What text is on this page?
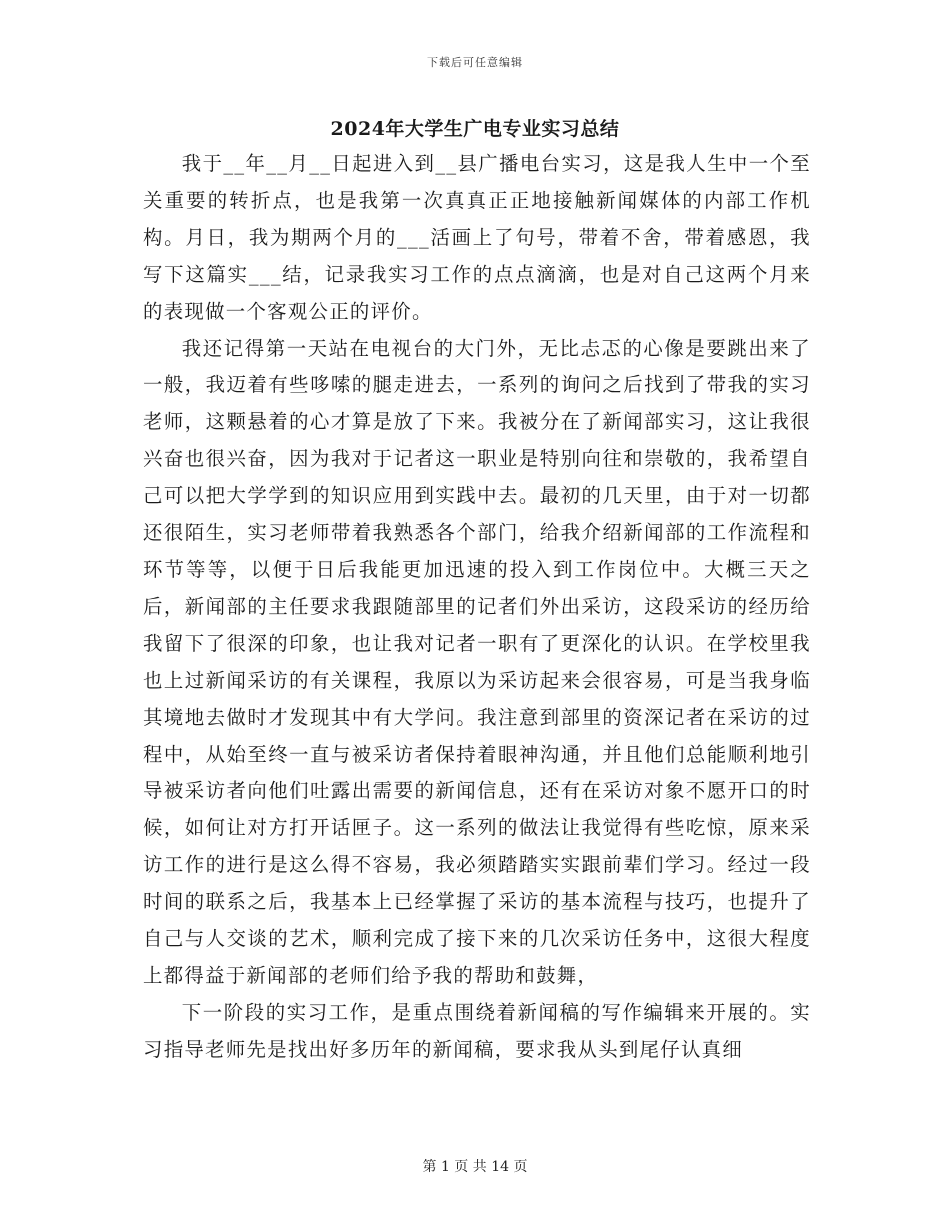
下载后可任意编辑
2024年大学生广电专业实习总结

我于__年__月__日起进入到__县广播电台实习，这是我人生中一个至关重要的转折点，也是我第一次真真正正地接触新闻媒体的内部工作机构。月日，我为期两个月的___活画上了句号，带着不舍，带着感恩，我写下这篇实___结，记录我实习工作的点点滴滴，也是对自己这两个月来的表现做一个客观公正的评价。

我还记得第一天站在电视台的大门外，无比忐忑的心像是要跳出来了一般，我迈着有些哆嗦的腿走进去，一系列的询问之后找到了带我的实习老师，这颗悬着的心才算是放了下来。我被分在了新闻部实习，这让我很兴奋也很兴奋，因为我对于记者这一职业是特别向往和崇敬的，我希望自己可以把大学学到的知识应用到实践中去。最初的几天里，由于对一切都还很陌生，实习老师带着我熟悉各个部门，给我介绍新闻部的工作流程和环节等等，以便于日后我能更加迅速的投入到工作岗位中。大概三天之后，新闻部的主任要求我跟随部里的记者们外出采访，这段采访的经历给我留下了很深的印象，也让我对记者一职有了更深化的认识。在学校里我也上过新闻采访的有关课程，我原以为采访起来会很容易，可是当我身临其境地去做时才发现其中有大学问。我注意到部里的资深记者在采访的过程中，从始至终一直与被采访者保持着眼神沟通，并且他们总能顺利地引导被采访者向他们吐露出需要的新闻信息，还有在采访对象不愿开口的时候，如何让对方打开话匣子。这一系列的做法让我觉得有些吃惊，原来采访工作的进行是这么得不容易，我必须踏踏实实跟前辈们学习。经过一段时间的联系之后，我基本上已经掌握了采访的基本流程与技巧，也提升了自己与人交谈的艺术，顺利完成了接下来的几次采访任务中，这很大程度上都得益于新闻部的老师们给予我的帮助和鼓舞，

下一阶段的实习工作，是重点围绕着新闻稿的写作编辑来开展的。实习指导老师先是找出好多历年的新闻稿，要求我从头到尾仔认真细

第 1 页 共 14 页
